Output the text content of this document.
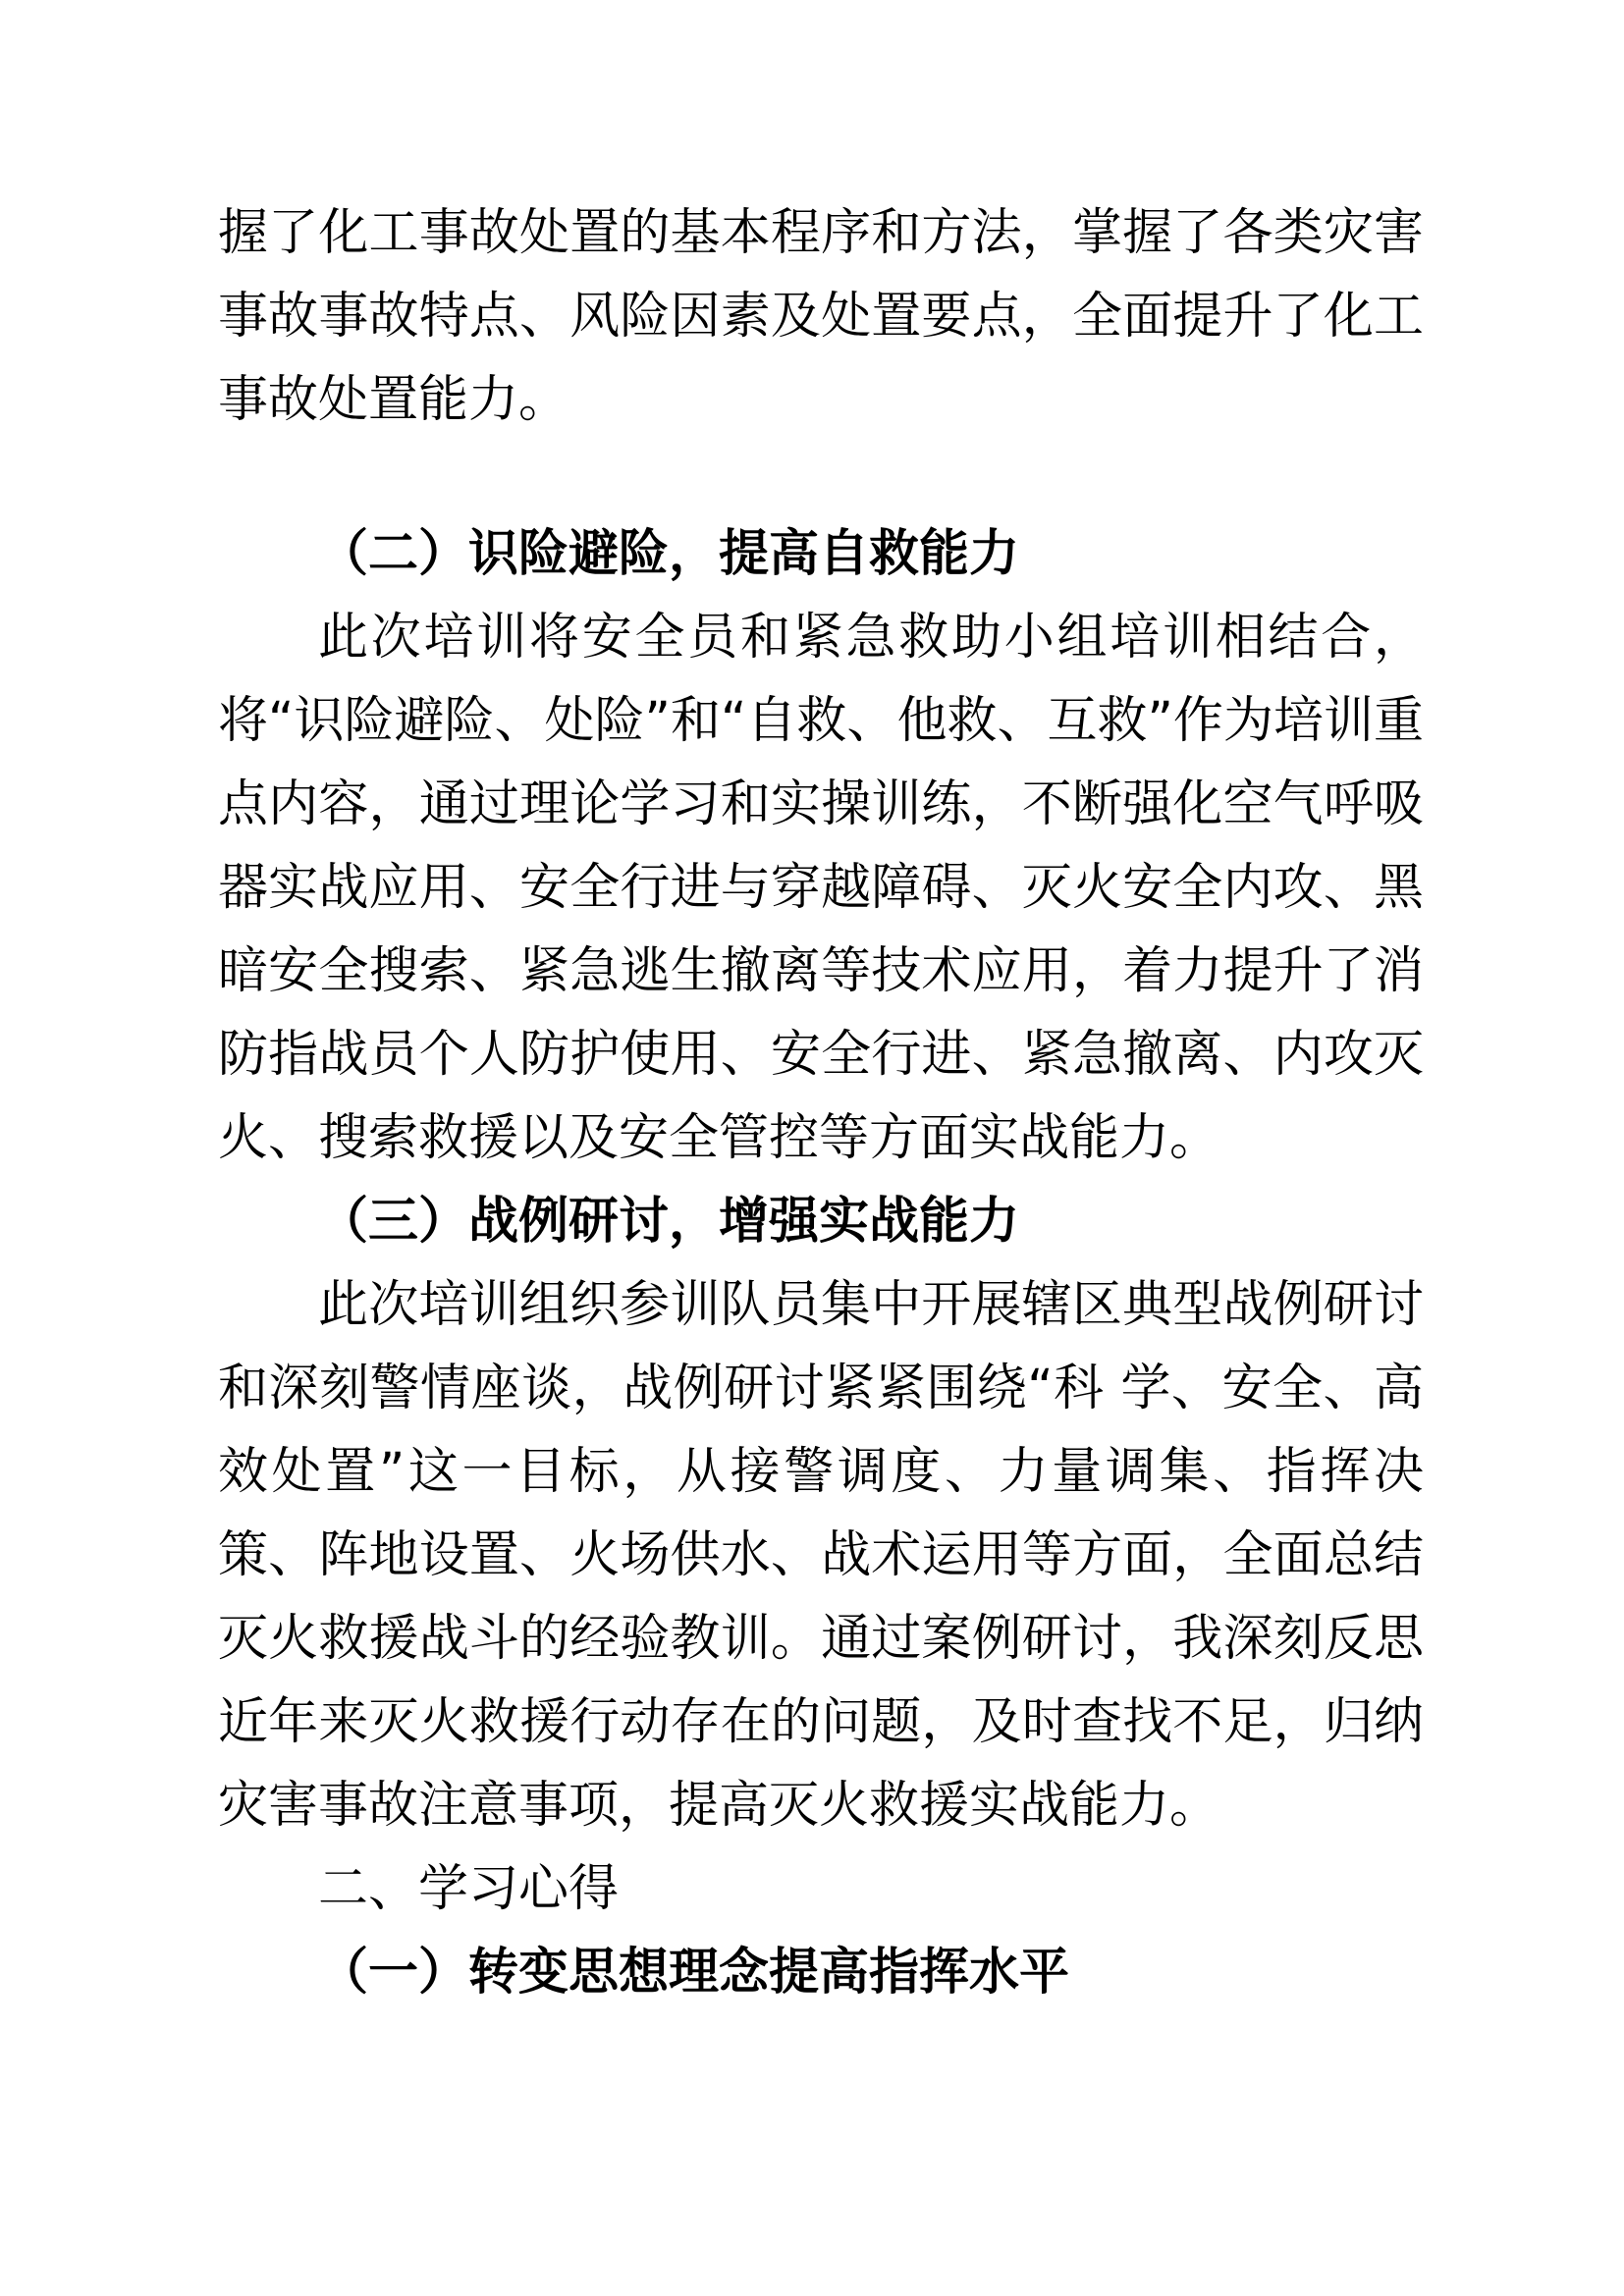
握了化工事故处置的基本程序和方法，掌握了各类灾害事故事故特点、风险因素及处置要点，全面提升了化工事故处置能力。

（二）识险避险，提高自救能力

此次培训将安全员和紧急救助小组培训相结合，将“识险避险、处险”和“自救、他救、互救”作为培训重点内容，通过理论学习和实操训练，不断强化空气呼吸器实战应用、安全行进与穿越障碍、灭火安全内攻、黑暗安全搜索、紧急逃生撤离等技术应用，着力提升了消防指战员个人防护使用、安全行进、紧急撤离、内攻灭火、搜索救援以及安全管控等方面实战能力。

（三）战例研讨，增强实战能力

此次培训组织参训队员集中开展辖区典型战例研讨和深刻警情座谈，战例研讨紧紧围绕“科 学、安全、高效处置”这一目标，从接警调度、力量调集、指挥决策、阵地设置、火场供水、战术运用等方面，全面总结灭火救援战斗的经验教训。通过案例研讨，我深刻反思近年来灭火救援行动存在的问题，及时查找不足，归纳灾害事故注意事项，提高灭火救援实战能力。

二、学习心得
（一）转变思想理念提高指挥水平
